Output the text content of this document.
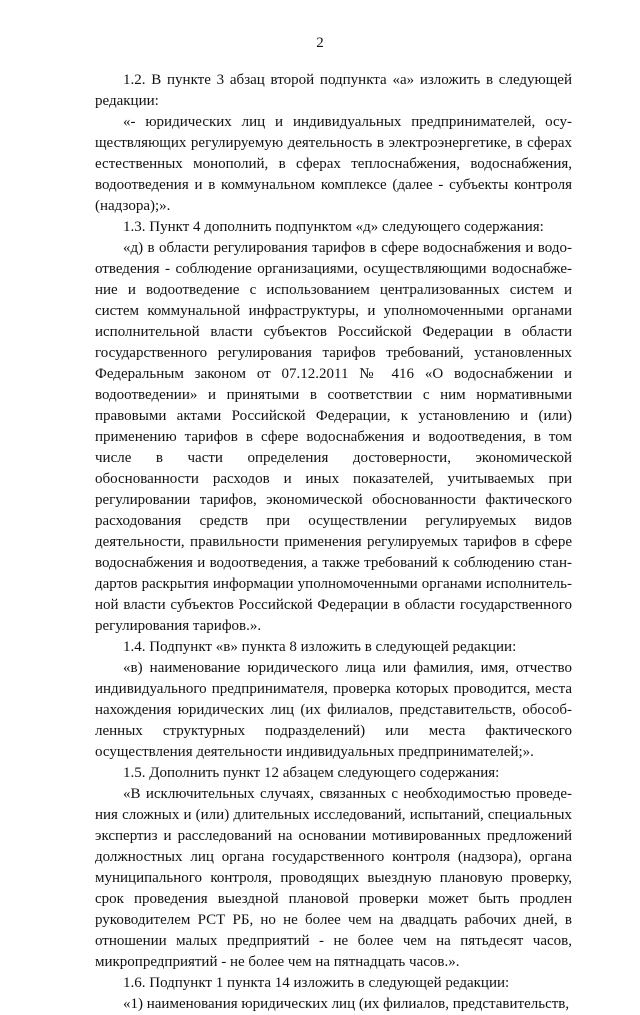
2

1.2. В пункте 3 абзац второй подпункта «а» изложить в следующей редакции:

«- юридических лиц и индивидуальных предпринимателей, осуществляющих регулируемую деятельность в электроэнергетике, в сферах естественных монополий, в сферах теплоснабжения, водоснабжения, водоотведения и в коммунальном комплексе (далее - субъекты контроля (надзора);».

1.3. Пункт 4 дополнить подпунктом «д» следующего содержания:

«д) в области регулирования тарифов в сфере водоснабжения и водоотведения - соблюдение организациями, осуществляющими водоснабжение и водоотведение с использованием централизованных систем и систем коммунальной инфраструктуры, и уполномоченными органами исполнительной власти субъектов Российской Федерации в области государственного регулирования тарифов требований, установленных Федеральным законом от 07.12.2011 № 416 «О водоснабжении и водоотведении» и принятыми в соответствии с ним нормативными правовыми актами Российской Федерации, к установлению и (или) применению тарифов в сфере водоснабжения и водоотведения, в том числе в части определения достоверности, экономической обоснованности расходов и иных показателей, учитываемых при регулировании тарифов, экономической обоснованности фактического расходования средств при осуществлении регулируемых видов деятельности, правильности применения регулируемых тарифов в сфере водоснабжения и водоотведения, а также требований к соблюдению стандартов раскрытия информации уполномоченными органами исполнительной власти субъектов Российской Федерации в области государственного регулирования тарифов.».

1.4. Подпункт «в» пункта 8 изложить в следующей редакции:

«в) наименование юридического лица или фамилия, имя, отчество индивидуального предпринимателя, проверка которых проводится, места нахождения юридических лиц (их филиалов, представительств, обособленных структурных подразделений) или места фактического осуществления деятельности индивидуальных предпринимателей;».

1.5. Дополнить пункт 12 абзацем следующего содержания:

«В исключительных случаях, связанных с необходимостью проведения сложных и (или) длительных исследований, испытаний, специальных экспертиз и расследований на основании мотивированных предложений должностных лиц органа государственного контроля (надзора), органа муниципального контроля, проводящих выездную плановую проверку, срок проведения выездной плановой проверки может быть продлен руководителем РСТ РБ, но не более чем на двадцать рабочих дней, в отношении малых предприятий - не более чем на пятьдесят часов, микропредприятий - не более чем на пятнадцать часов.».

1.6. Подпункт 1 пункта 14 изложить в следующей редакции:

«1) наименования юридических лиц (их филиалов, представительств,
